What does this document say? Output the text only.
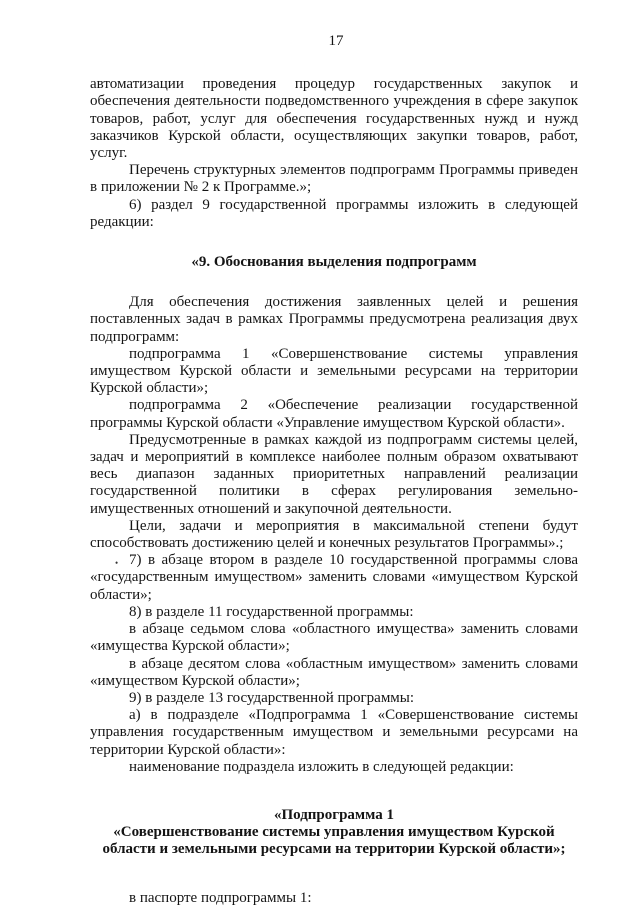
17

автоматизации проведения процедур государственных закупок и обеспечения деятельности подведомственного учреждения в сфере закупок товаров, работ, услуг для обеспечения государственных нужд и нужд заказчиков Курской области, осуществляющих закупки товаров, работ, услуг.

Перечень структурных элементов подпрограмм Программы приведен в приложении № 2 к Программе.»;

6) раздел 9 государственной программы изложить в следующей редакции:

«9. Обоснования выделения подпрограмм

Для обеспечения достижения заявленных целей и решения поставленных задач в рамках Программы предусмотрена реализация двух подпрограмм:

подпрограмма 1 «Совершенствование системы управления имуществом Курской области и земельными ресурсами на территории Курской области»;

подпрограмма 2 «Обеспечение реализации государственной программы Курской области «Управление имуществом Курской области».

Предусмотренные в рамках каждой из подпрограмм системы целей, задач и мероприятий в комплексе наиболее полным образом охватывают весь диапазон заданных приоритетных направлений реализации государственной политики в сферах регулирования земельно-имущественных отношений и закупочной деятельности.

Цели, задачи и мероприятия в максимальной степени будут способствовать достижению целей и конечных результатов Программы».;

• 7) в абзаце втором в разделе 10 государственной программы слова «государственным имуществом» заменить словами «имуществом Курской области»;

8) в разделе 11 государственной программы:

в абзаце седьмом слова «областного имущества» заменить словами «имущества Курской области»;

в абзаце десятом слова «областным имуществом» заменить словами «имуществом Курской области»;

9) в разделе 13 государственной программы:

а) в подразделе «Подпрограмма 1 «Совершенствование системы управления государственным имуществом и земельными ресурсами на территории Курской области»:

наименование подраздела изложить в следующей редакции:

«Подпрограмма 1

«Совершенствование системы управления имуществом Курской области и земельными ресурсами на территории Курской области»;

в паспорте подпрограммы 1:
